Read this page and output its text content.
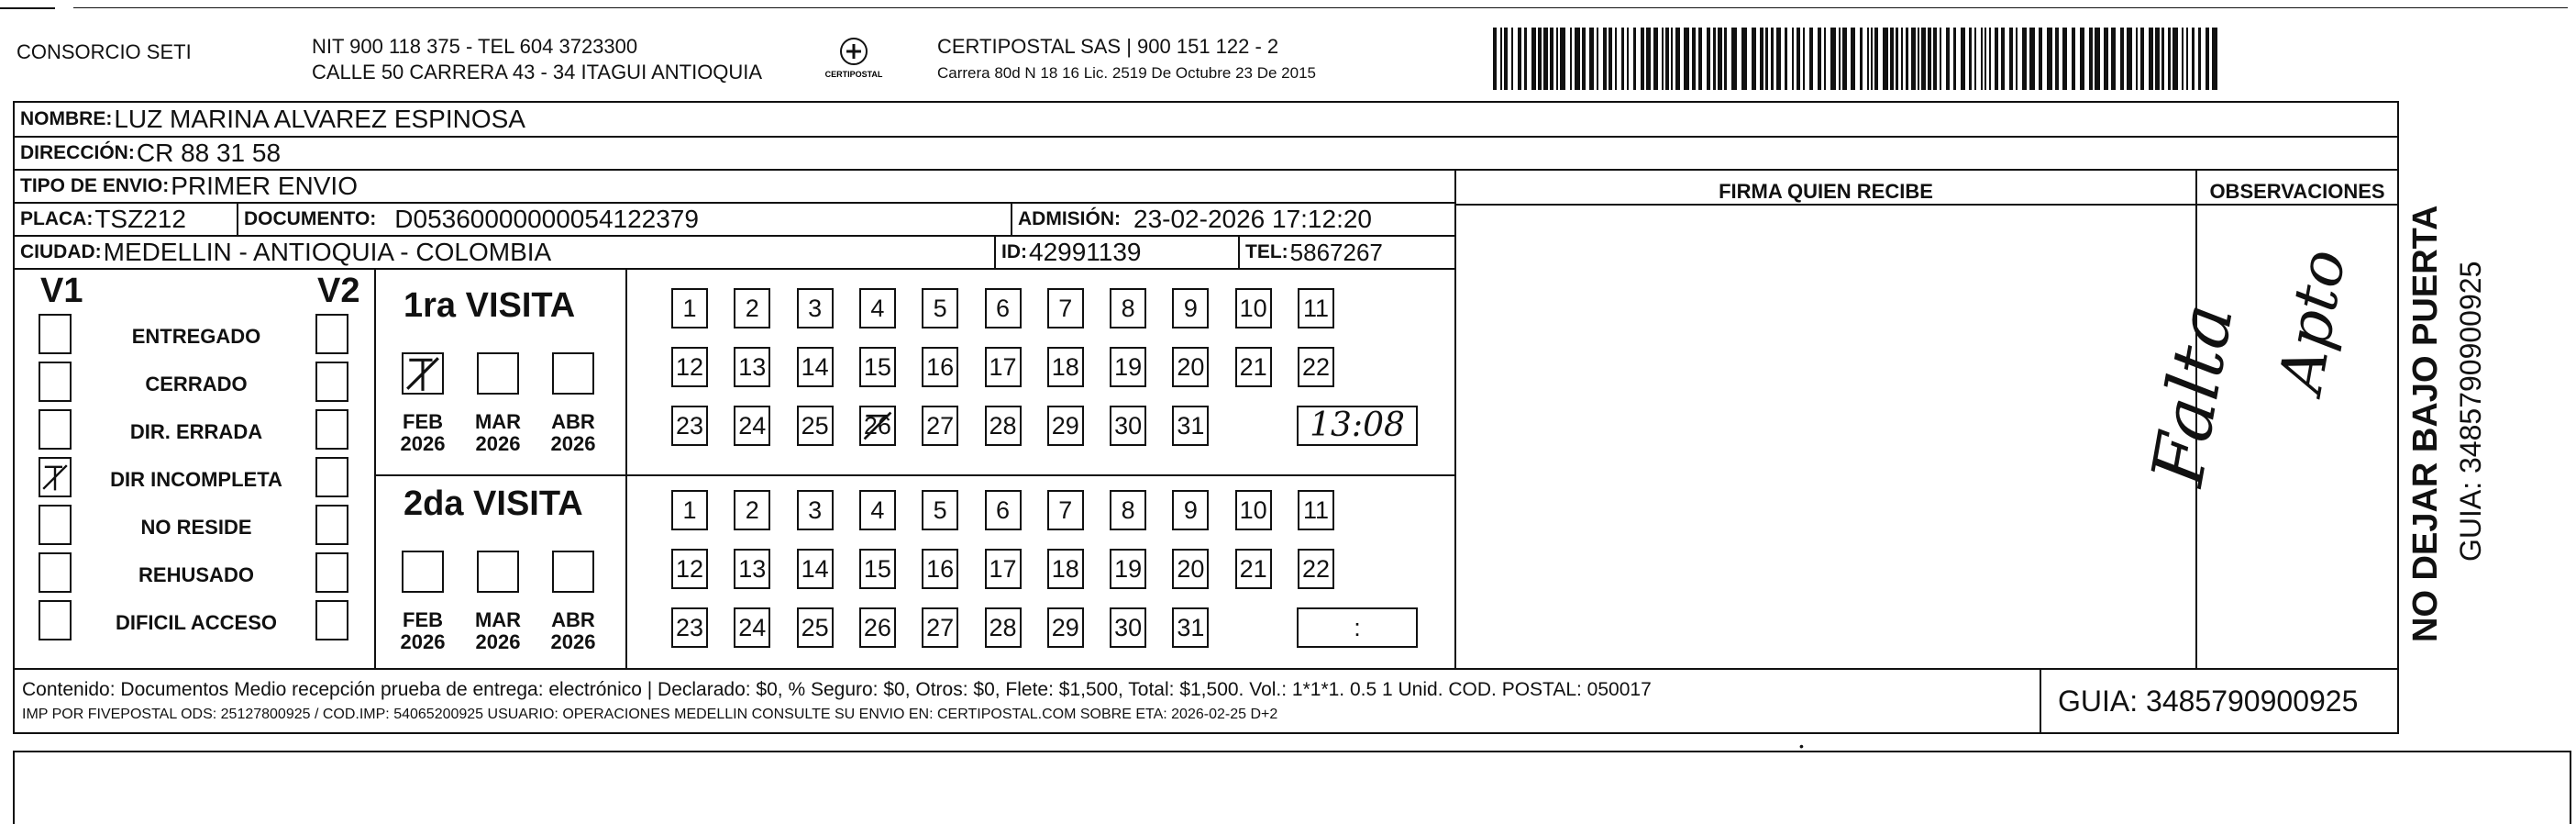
CONSORCIO SETI	NIT 900 118 375 - TEL 604 3723300
CALLE 50 CARRERA 43 - 34 ITAGUI ANTIOQUIA	CERTIPOSTAL
CERTIPOSTAL SAS | 900 151 122 - 2
Carrera 80d N 18 16 Lic. 2519 De Octubre 23 De 2015
NOMBRE: LUZ MARINA ALVAREZ ESPINOSA
DIRECCIÓN: CR 88 31 58
TIPO DE ENVIO: PRIMER ENVIO
PLACA: TSZ212	DOCUMENTO: D05360000000054122379	ADMISIÓN: 23-02-2026 17:12:20
CIUDAD: MEDELLIN - ANTIOQUIA - COLOMBIA	ID: 42991139	TEL: 5867267
FIRMA QUIEN RECIBE	OBSERVACIONES
Falta Apto
V1	V2
ENTREGADO
CERRADO
DIR. ERRADA
DIR INCOMPLETA
NO RESIDE
REHUSADO
DIFICIL ACCESO
1ra VISITA
2da VISITA
FEB
2026
MAR
2026
ABR
2026
FEB
2026
MAR
2026
ABR
2026
1	2	3	4	5	6	7	8	9	10 11
12 13 14 15 16 17 18 19 20 21 22
23 24 25 26 27 28 29 30 31	13:08
1	2	3	4	5	6	7	8	9	10 11
12 13 14 15 16 17 18 19 20 21 22
23 24 25 26 27 28 29 30 31	:
Contenido: Documentos Medio recepción prueba de entrega: electrónico | Declarado: $0, % Seguro: $0, Otros: $0, Flete: $1,500, Total: $1,500. Vol.: 1*1*1. 0.5 1 Unid. COD. POSTAL: 050017
IMP POR FIVEPOSTAL ODS: 25127800925 / COD.IMP: 54065200925 USUARIO: OPERACIONES MEDELLIN CONSULTE SU ENVIO EN: CERTIPOSTAL.COM SOBRE ETA: 2026-02-25 D+2	GUIA: 3485790900925
NO DEJAR BAJO PUERTA GUIA: 3485790900925
•
